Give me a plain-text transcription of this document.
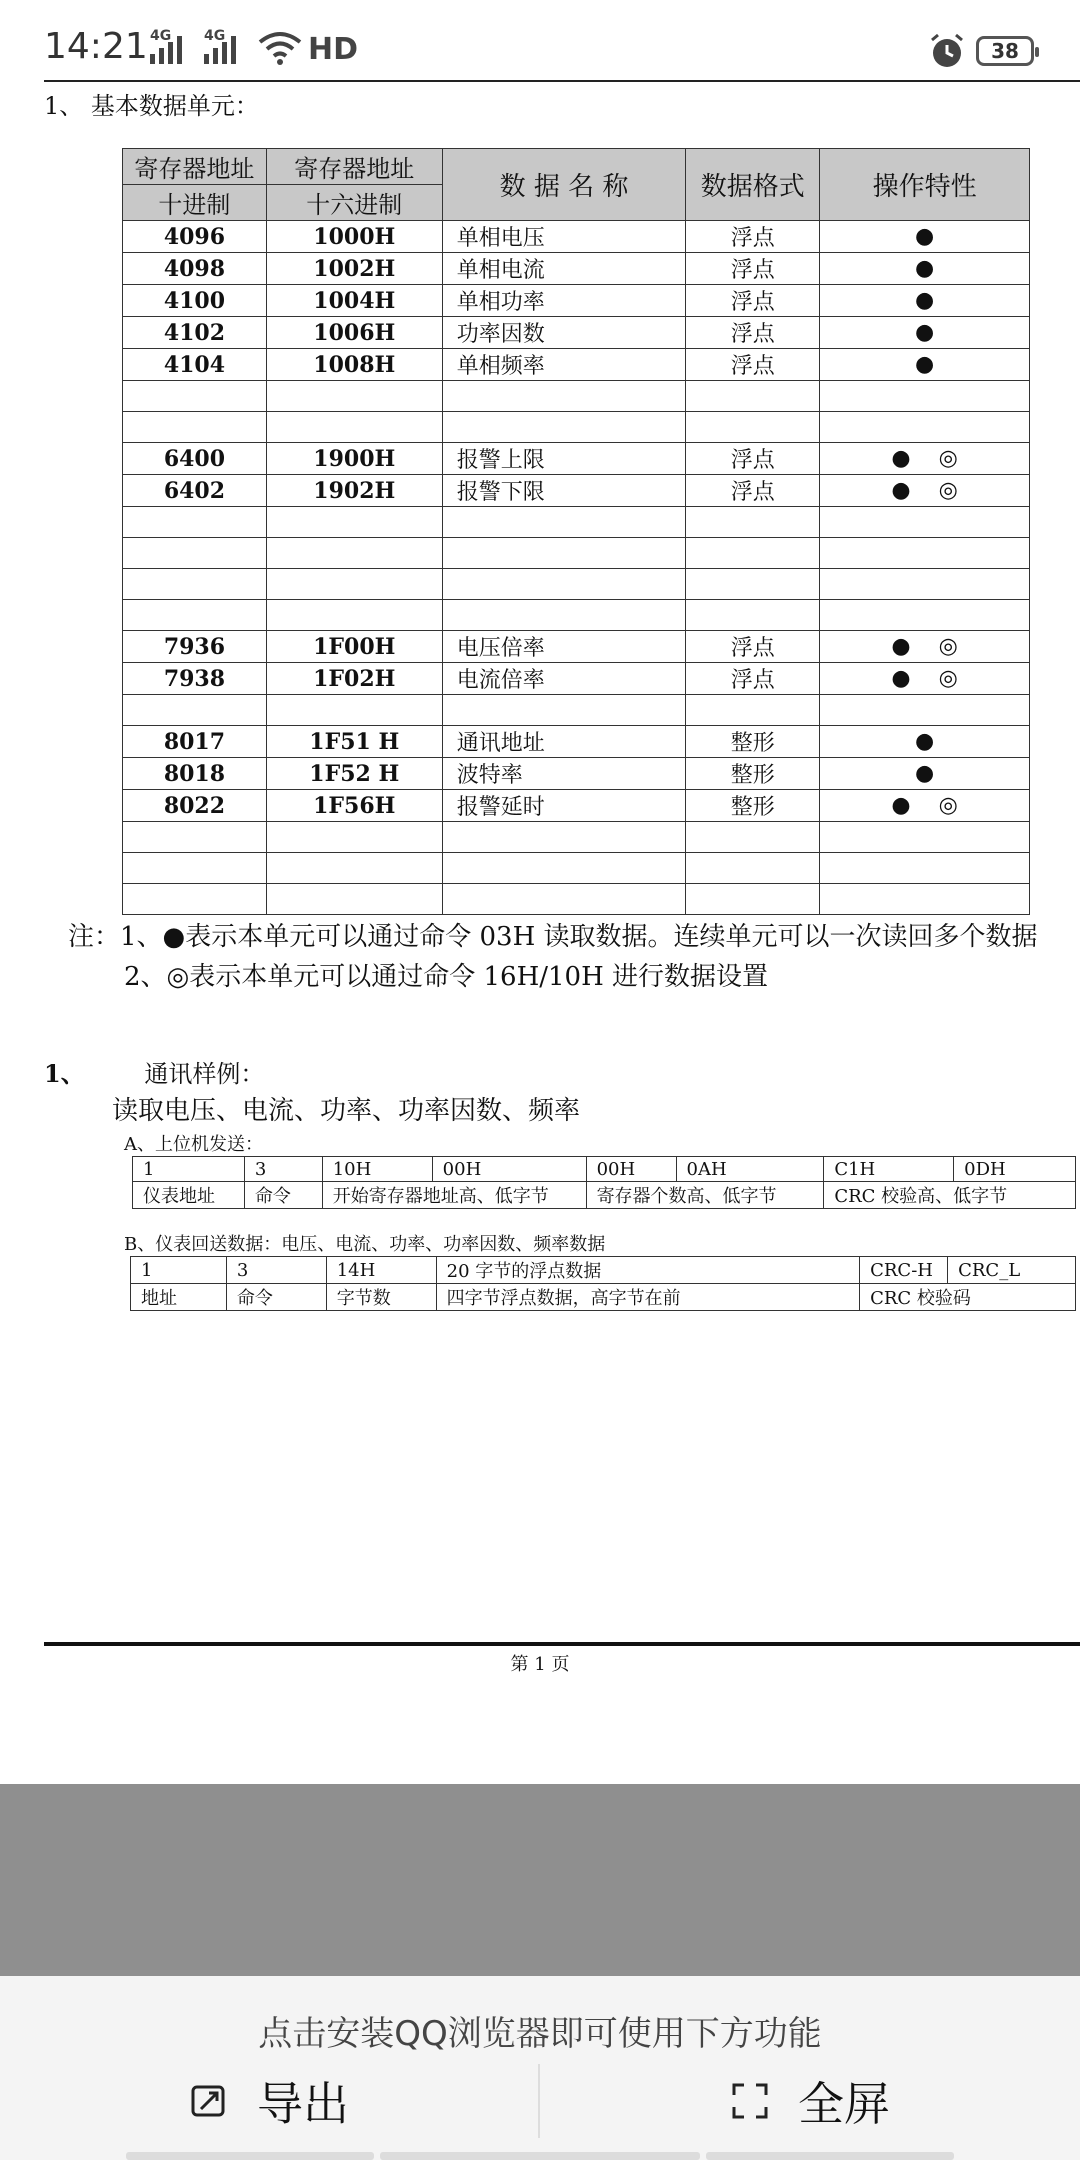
14:21 4G 4G	HD	38
1、 基本数据单元：
寄存器地址	寄存器地址	数 据 名 称	数据格式	操作特性
十进制	十六进制			
4096	1000H	单相电压	浮点	●
4098	1002H	单相电流	浮点	●
4100	1004H	单相功率	浮点	●
4102	1006H	功率因数	浮点	●
4104	1008H	单相频率	浮点	●

6400	1900H	报警上限	浮点	●    ◎
6402	1902H	报警下限	浮点	●    ◎

7936	1F00H	电压倍率	浮点	●    ◎
7938	1F02H	电流倍率	浮点	●    ◎

8017	1F51 H	通讯地址	整形	●
8018	1F52 H	波特率	整形	●
8022	1F56H	报警延时	整形	●    ◎

注：1、●表示本单元可以通过命令 03H 读取数据。连续单元可以一次读回多个数据
2、◎表示本单元可以通过命令 16H/10H 进行数据设置
1、 通讯样例：
读取电压、电流、功率、功率因数、频率
A、上位机发送：
1	3	10H	00H	00H	0AH	C1H	0DH
仪表地址	命令	开始寄存器地址高、低字节		寄存器个数高、低字节		CRC 校验高、低字节	
B、仪表回送数据：电压、电流、功率、功率因数、频率数据
1	3	14H	20 字节的浮点数据	CRC-H	CRC_L
地址	命令	字节数	四字节浮点数据，高字节在前	CRC 校验码	
第 1 页
点击安装QQ浏览器即可使用下方功能
导出	全屏
